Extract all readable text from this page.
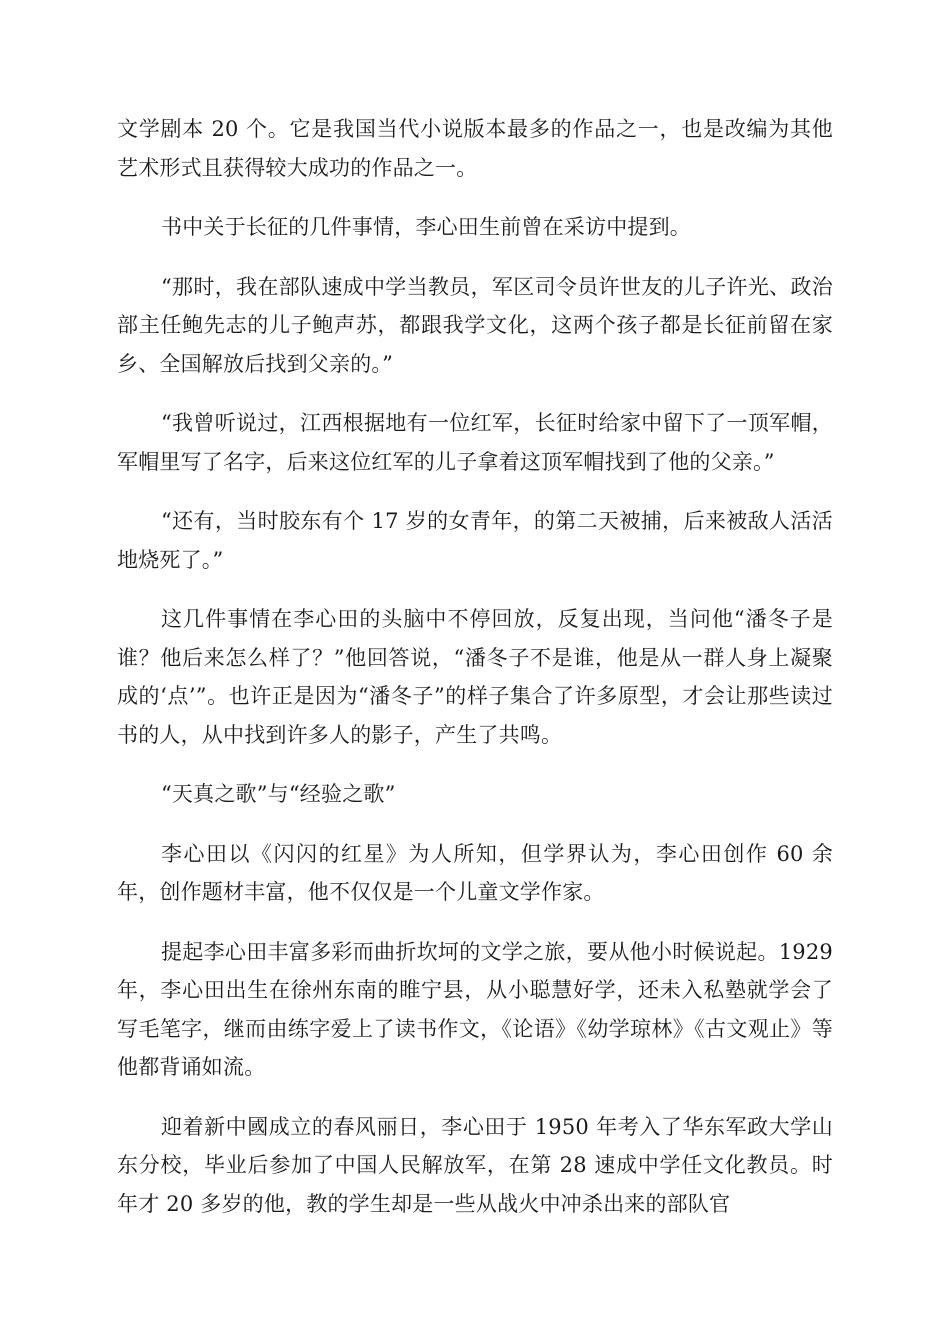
文学剧本 20 个。它是我国当代小说版本最多的作品之一，也是改编为其他艺术形式且获得较大成功的作品之一。

书中关于长征的几件事情，李心田生前曾在采访中提到。

“那时，我在部队速成中学当教员，军区司令员许世友的儿子许光、政治部主任鲍先志的儿子鲍声苏，都跟我学文化，这两个孩子都是长征前留在家乡、全国解放后找到父亲的。”

“我曾听说过，江西根据地有一位红军，长征时给家中留下了一顶军帽，军帽里写了名字，后来这位红军的儿子拿着这顶军帽找到了他的父亲。”

“还有，当时胶东有个 17 岁的女青年，的第二天被捕，后来被敌人活活地烧死了。”

这几件事情在李心田的头脑中不停回放，反复出现，当问他“潘冬子是谁？他后来怎么样了？”他回答说，“潘冬子不是谁，他是从一群人身上凝聚成的‘点’”。也许正是因为“潘冬子”的样子集合了许多原型，才会让那些读过书的人，从中找到许多人的影子，产生了共鸣。

“天真之歌”与“经验之歌”

李心田以《闪闪的红星》为人所知，但学界认为，李心田创作 60 余年，创作题材丰富，他不仅仅是一个儿童文学作家。

提起李心田丰富多彩而曲折坎坷的文学之旅，要从他小时候说起。1929 年，李心田出生在徐州东南的睢宁县，从小聪慧好学，还未入私塾就学会了写毛笔字，继而由练字爱上了读书作文，《论语》《幼学琼林》《古文观止》等他都背诵如流。

迎着新中國成立的春风丽日，李心田于 1950 年考入了华东军政大学山东分校，毕业后参加了中国人民解放军，在第 28 速成中学任文化教员。时年才 20 多岁的他，教的学生却是一些从战火中冲杀出来的部队官
